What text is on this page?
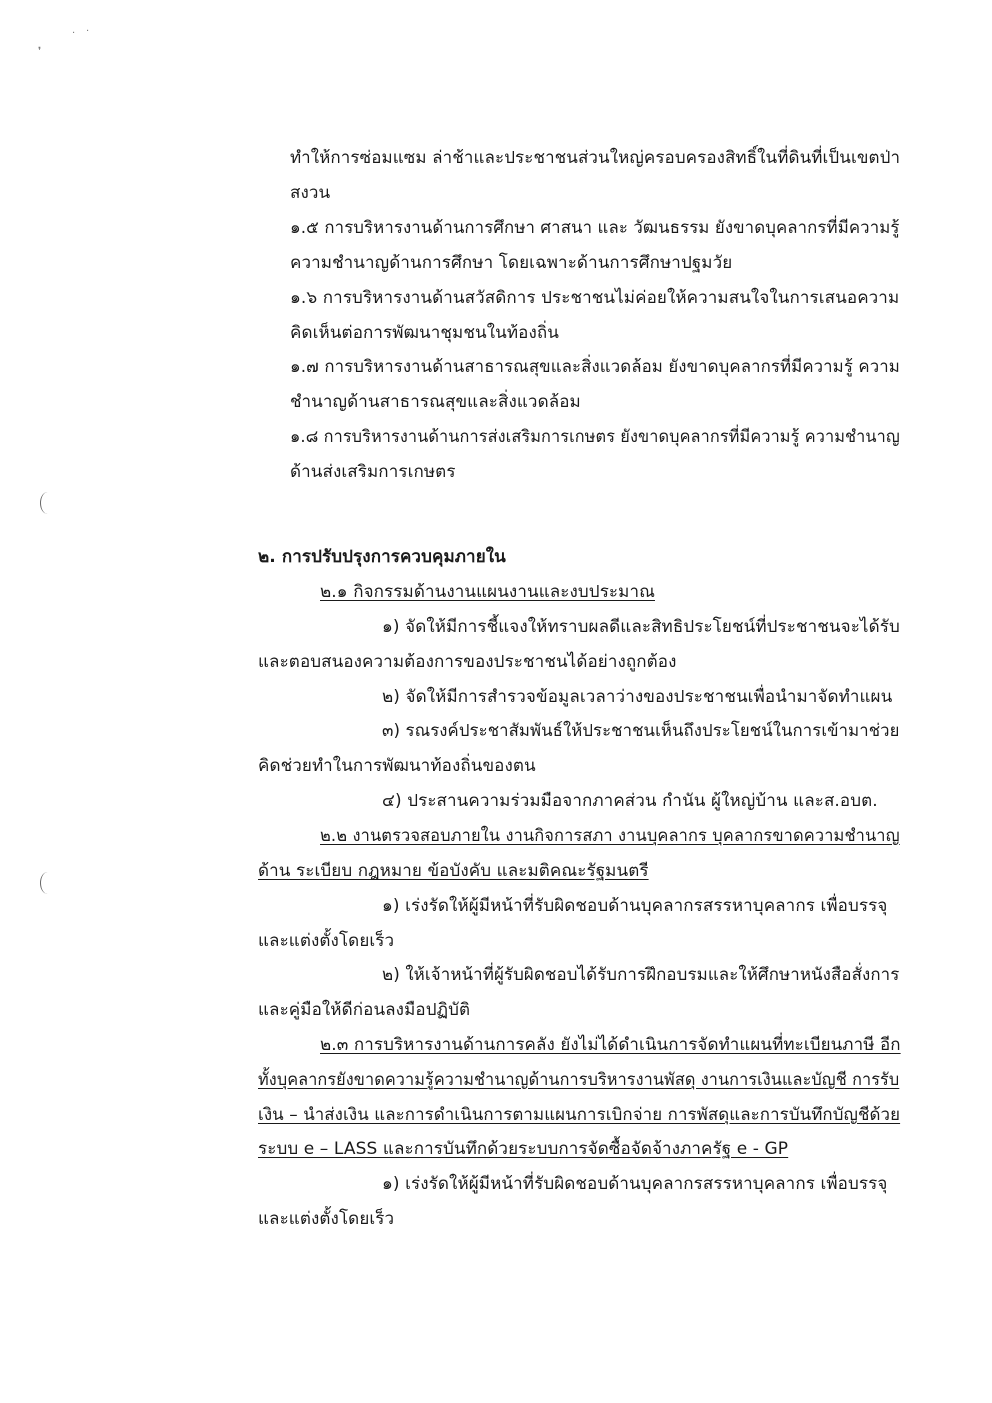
❜
· ·
ทำให้การซ่อมแซม ล่าช้าและประชาชนส่วนใหญ่ครอบครองสิทธิ์ในที่ดินที่เป็นเขตป่า
สงวน
๑.๕ การบริหารงานด้านการศึกษา ศาสนา และ วัฒนธรรม ยังขาดบุคลากรที่มีความรู้
ความชำนาญด้านการศึกษา โดยเฉพาะด้านการศึกษาปฐมวัย
๑.๖ การบริหารงานด้านสวัสดิการ ประชาชนไม่ค่อยให้ความสนใจในการเสนอความ
คิดเห็นต่อการพัฒนาชุมชนในท้องถิ่น
๑.๗ การบริหารงานด้านสาธารณสุขและสิ่งแวดล้อม ยังขาดบุคลากรที่มีความรู้ ความ
ชำนาญด้านสาธารณสุขและสิ่งแวดล้อม
๑.๘ การบริหารงานด้านการส่งเสริมการเกษตร ยังขาดบุคลากรที่มีความรู้ ความชำนาญ
ด้านส่งเสริมการเกษตร
๒. การปรับปรุงการควบคุมภายใน
๒.๑ กิจกรรมด้านงานแผนงานและงบประมาณ
๑) จัดให้มีการชี้แจงให้ทราบผลดีและสิทธิประโยชน์ที่ประชาชนจะได้รับ
และตอบสนองความต้องการของประชาชนได้อย่างถูกต้อง
๒) จัดให้มีการสำรวจข้อมูลเวลาว่างของประชาชนเพื่อนำมาจัดทำแผน
๓) รณรงค์ประชาสัมพันธ์ให้ประชาชนเห็นถึงประโยชน์ในการเข้ามาช่วย
คิดช่วยทำในการพัฒนาท้องถิ่นของตน
๔) ประสานความร่วมมือจากภาคส่วน กำนัน ผู้ใหญ่บ้าน และส.อบต.
๒.๒ งานตรวจสอบภายใน งานกิจการสภา งานบุคลากร บุคลากรขาดความชำนาญ
ด้าน ระเบียบ กฎหมาย ข้อบังคับ และมติคณะรัฐมนตรี
๑) เร่งรัดให้ผู้มีหน้าที่รับผิดชอบด้านบุคลากรสรรหาบุคลากร เพื่อบรรจุ
และแต่งตั้งโดยเร็ว
๒) ให้เจ้าหน้าที่ผู้รับผิดชอบได้รับการฝึกอบรมและให้ศึกษาหนังสือสั่งการ
และคู่มือให้ดีก่อนลงมือปฏิบัติ
๒.๓ การบริหารงานด้านการคลัง ยังไม่ได้ดำเนินการจัดทำแผนที่ทะเบียนภาษี อีก
ทั้งบุคลากรยังขาดความรู้ความชำนาญด้านการบริหารงานพัสดุ งานการเงินและบัญชี การรับ
เงิน – นำส่งเงิน และการดำเนินการตามแผนการเบิกจ่าย การพัสดุและการบันทึกบัญชีด้วย
ระบบ e – LASS และการบันทึกด้วยระบบการจัดซื้อจัดจ้างภาครัฐ e - GP
๑) เร่งรัดให้ผู้มีหน้าที่รับผิดชอบด้านบุคลากรสรรหาบุคลากร เพื่อบรรจุ
และแต่งตั้งโดยเร็ว
